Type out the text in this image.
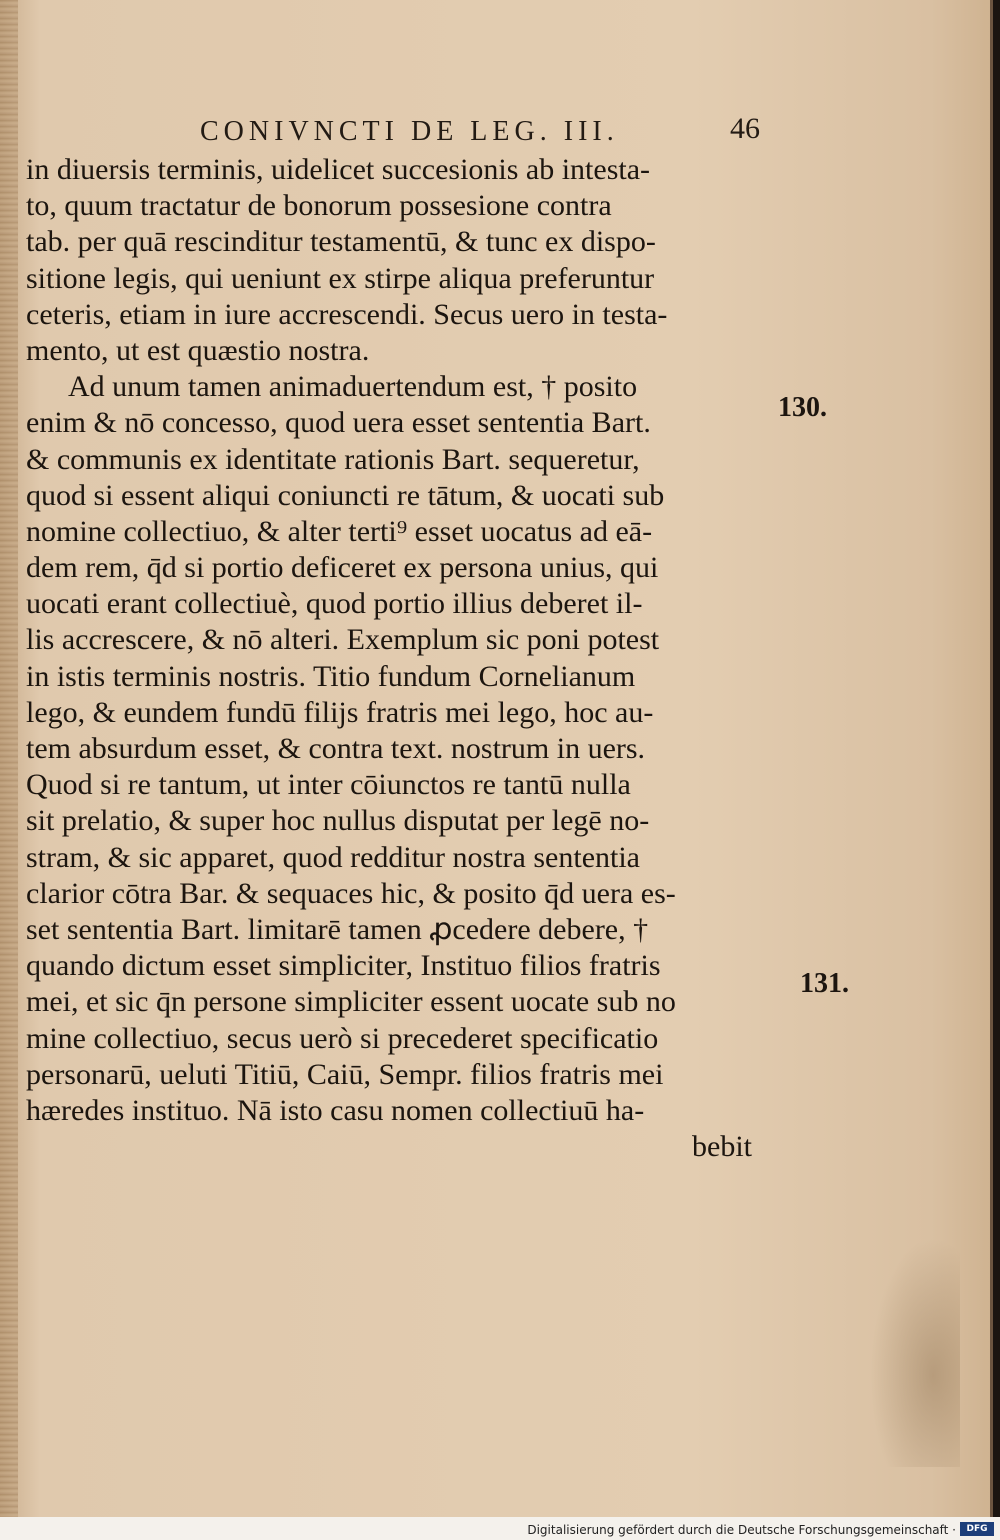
CONIVNCTI DE LEG. III.	46
in diuersis terminis, uidelicet succesionis ab intesta-
to, quum tractatur de bonorum possesione contra
tab. per quā rescinditur testamentū, & tunc ex dispo-
sitione legis, qui ueniunt ex stirpe aliqua preferuntur
ceteris, etiam in iure accrescendi. Secus uero in testa-
mento, ut est quæstio nostra.
Ad unum tamen animaduertendum est, † posito
enim & nō concesso, quod uera esset sententia Bart.
& communis ex identitate rationis Bart. sequeretur,
quod si essent aliqui coniuncti re tātum, & uocati sub
nomine collectiuo, & alter terti⁹ esset uocatus ad eā-
dem rem, q̄d si portio deficeret ex persona unius, qui
uocati erant collectiuè, quod portio illius deberet il-
lis accrescere, & nō alteri. Exemplum sic poni potest
in istis terminis nostris. Titio fundum Cornelianum
lego, & eundem fundū filijs fratris mei lego, hoc au-
tem absurdum esset, & contra text. nostrum in uers.
Quod si re tantum, ut inter cōiunctos re tantū nulla
sit prelatio, & super hoc nullus disputat per legē no-
stram, & sic apparet, quod redditur nostra sententia
clarior cōtra Bar. & sequaces hic, & posito q̄d uera es-
set sententia Bart. limitarē tamen ꝓcedere debere, †
quando dictum esset simpliciter, Instituo filios fratris
mei, et sic q̄n persone simpliciter essent uocate sub no
mine collectiuo, secus uerò si precederet specificatio
personarū, ueluti Titiū, Caiū, Sempr. filios fratris mei
hæredes instituo. Nā isto casu nomen collectiuū ha-
bebit
130.
131.
Digitalisierung gefördert durch die Deutsche Forschungsgemeinschaft ·	DFG
